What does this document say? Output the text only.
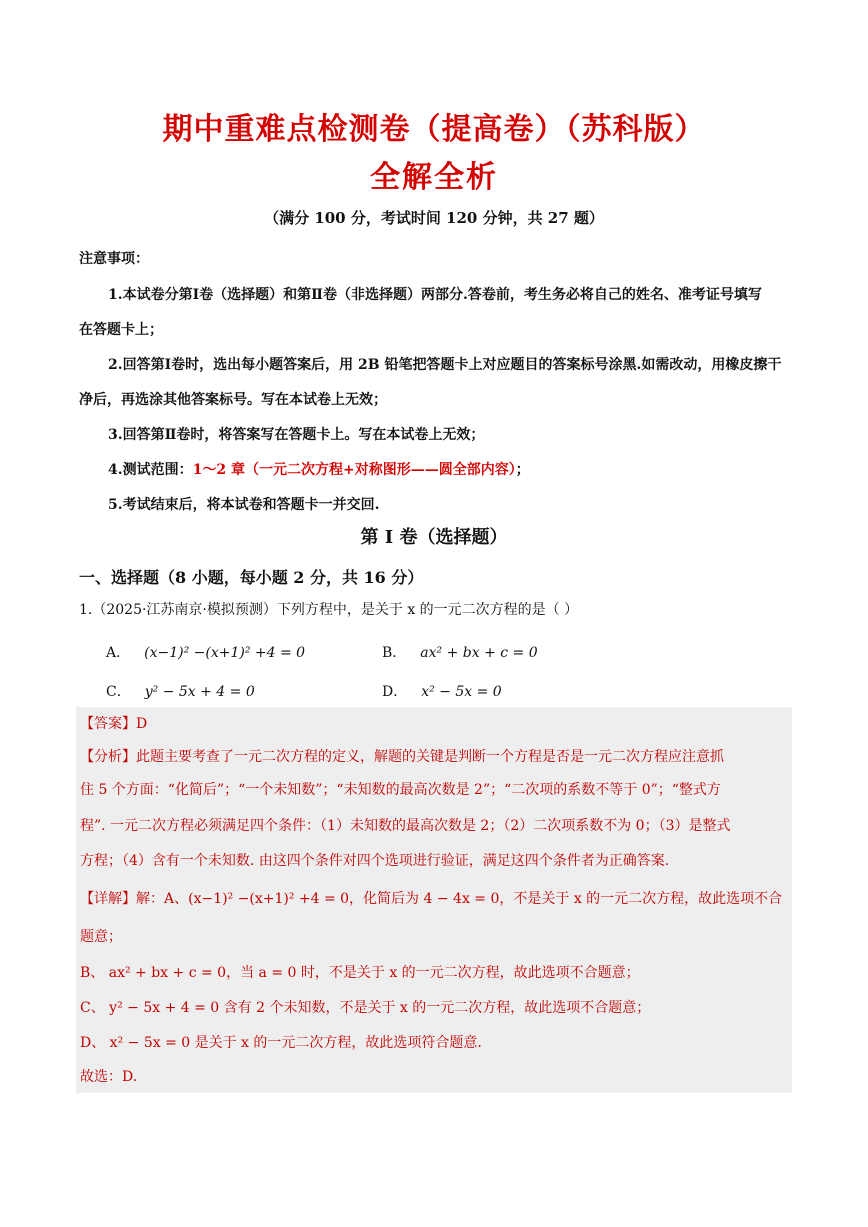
期中重难点检测卷（提高卷）（苏科版）
全解全析
（满分 100 分，考试时间 120 分钟，共 27 题）
注意事项：
1.本试卷分第Ⅰ卷（选择题）和第Ⅱ卷（非选择题）两部分.答卷前，考生务必将自己的姓名、准考证号填写
在答题卡上；
2.回答第Ⅰ卷时，选出每小题答案后，用 2B 铅笔把答题卡上对应题目的答案标号涂黑.如需改动，用橡皮擦干
净后，再选涂其他答案标号。写在本试卷上无效；
3.回答第Ⅱ卷时，将答案写在答题卡上。写在本试卷上无效；
4.测试范围：1～2 章（一元二次方程+对称图形——圆全部内容）；
5.考试结束后，将本试卷和答题卡一并交回.
第 I 卷（选择题）
一、选择题（8 小题，每小题 2 分，共 16 分）
1.（2025·江苏南京·模拟预测）下列方程中，是关于 x 的一元二次方程的是（ ）
A． (x−1)² −(x+1)² +4 = 0	B． ax² + bx + c = 0
C． y² − 5x + 4 = 0	D． x² − 5x = 0
【答案】D
【分析】此题主要考查了一元二次方程的定义，解题的关键是判断一个方程是否是一元二次方程应注意抓
住 5 个方面：“化简后”；“一个未知数”；“未知数的最高次数是 2”；“二次项的系数不等于 0”；“整式方
程”. 一元二次方程必须满足四个条件：（1）未知数的最高次数是 2；（2）二次项系数不为 0；（3）是整式
方程；（4）含有一个未知数. 由这四个条件对四个选项进行验证，满足这四个条件者为正确答案.
【详解】解：A、(x−1)² −(x+1)² +4 = 0，化简后为 4 − 4x = 0，不是关于 x 的一元二次方程，故此选项不合
题意；
B、 ax² + bx + c = 0，当 a = 0 时，不是关于 x 的一元二次方程，故此选项不合题意；
C、 y² − 5x + 4 = 0 含有 2 个未知数，不是关于 x 的一元二次方程，故此选项不合题意；
D、 x² − 5x = 0 是关于 x 的一元二次方程，故此选项符合题意.
故选：D.
